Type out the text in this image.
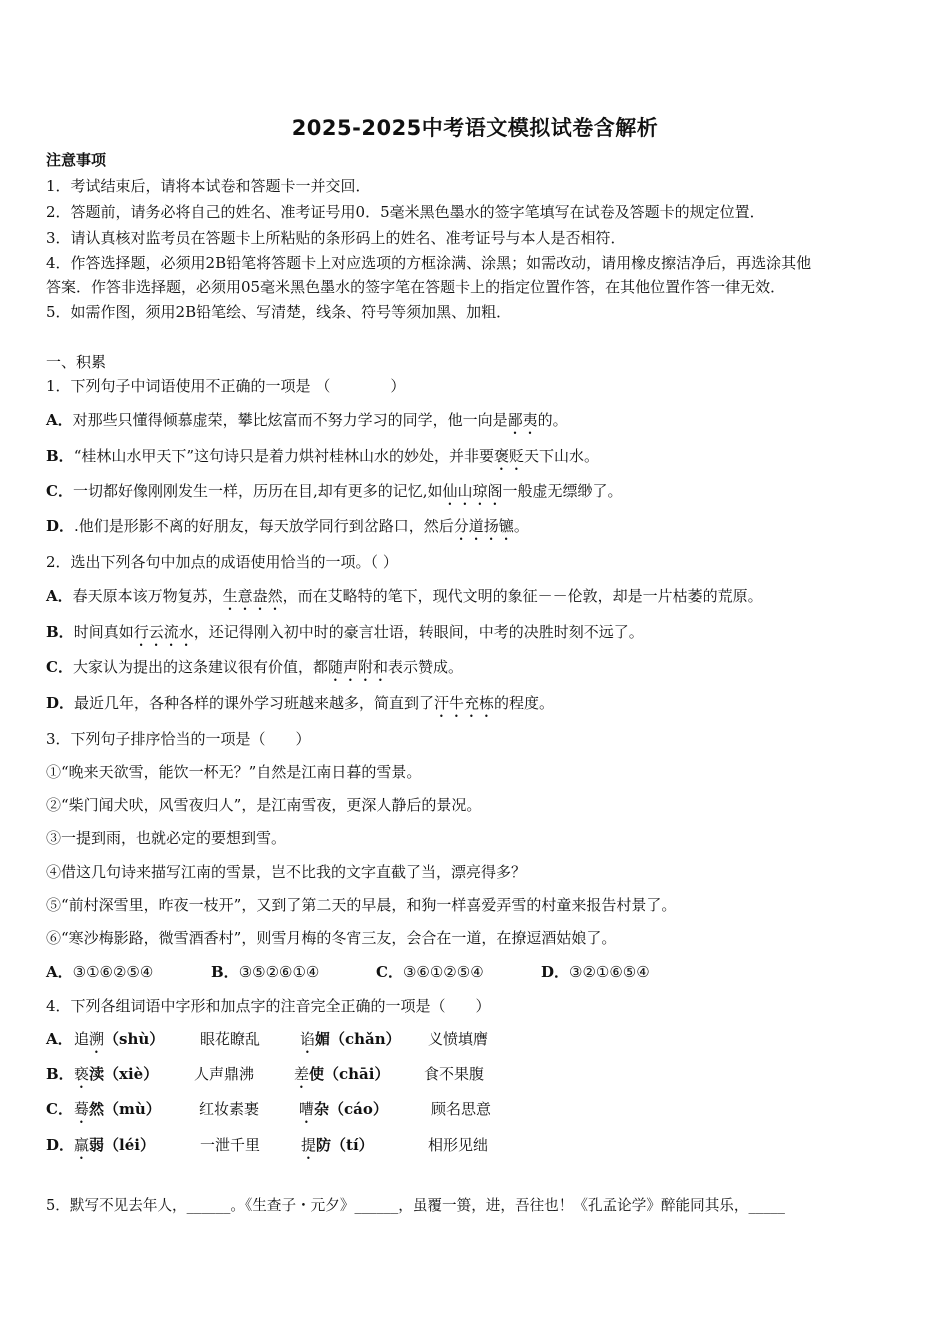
2025-2025中考语文模拟试卷含解析
注意事项
1．考试结束后，请将本试卷和答题卡一并交回．
2．答题前，请务必将自己的姓名、准考证号用0．5毫米黑色墨水的签字笔填写在试卷及答题卡的规定位置．
3．请认真核对监考员在答题卡上所粘贴的条形码上的姓名、准考证号与本人是否相符．
4．作答选择题，必须用2B铅笔将答题卡上对应选项的方框涂满、涂黑；如需改动，请用橡皮擦洁净后，再选涂其他
答案．作答非选择题，必须用05毫米黑色墨水的签字笔在答题卡上的指定位置作答，在其他位置作答一律无效．
5．如需作图，须用2B铅笔绘、写清楚，线条、符号等须加黑、加粗．
一、积累
1．下列句子中词语使用不正确的一项是 （　　　　）
A．对那些只懂得倾慕虚荣，攀比炫富而不努力学习的同学，他一向是鄙夷的。
B．“桂林山水甲天下”这句诗只是着力烘衬桂林山水的妙处，并非要褒贬天下山水。
C．一切都好像刚刚发生一样，历历在目,却有更多的记忆,如仙山琼阁一般虚无缥缈了。
D．.他们是形影不离的好朋友，每天放学同行到岔路口，然后分道扬镳。
2．选出下列各句中加点的成语使用恰当的一项。（ ）
A．春天原本该万物复苏，生意盎然，而在艾略特的笔下，现代文明的象征－－伦敦，却是一片枯萎的荒原。
B．时间真如行云流水，还记得刚入初中时的豪言壮语，转眼间，中考的决胜时刻不远了。
C．大家认为提出的这条建议很有价值，都随声附和表示赞成。
D．最近几年，各种各样的课外学习班越来越多，简直到了汗牛充栋的程度。
3．下列句子排序恰当的一项是（　　）
①“晚来天欲雪，能饮一杯无？”自然是江南日暮的雪景。
②“柴门闻犬吠，风雪夜归人”，是江南雪夜，更深人静后的景况。
③一提到雨，也就必定的要想到雪。
④借这几句诗来描写江南的雪景，岂不比我的文字直截了当，漂亮得多？
⑤“前村深雪里，昨夜一枝开”，又到了第二天的早晨，和狗一样喜爱弄雪的村童来报告村景了。
⑥“寒沙梅影路，微雪酒香村”，则雪月梅的冬宵三友，会合在一道，在撩逗酒姑娘了。
A．③①⑥②⑤④	B．③⑤②⑥①④	C．③⑥①②⑤④	D．③②①⑥⑤④
4．下列各组词语中字形和加点字的注音完全正确的一项是（　　）
A．追溯（shù） 眼花瞭乱	谄媚（chǎn） 义愤填膺
B．亵渎（xiè） 人声鼎沸	差使（chāi） 食不果腹
C．蓦然（mù）	红妆素裹	嘈杂（cáo）	顾名思意
D．羸弱（léi）	一泄千里	提防（tí）	相形见绌
5．默写不见去年人，______。《生查子・元夕》______，虽覆一篑，进，吾往也！《孔孟论学》醉能同其乐，_____
